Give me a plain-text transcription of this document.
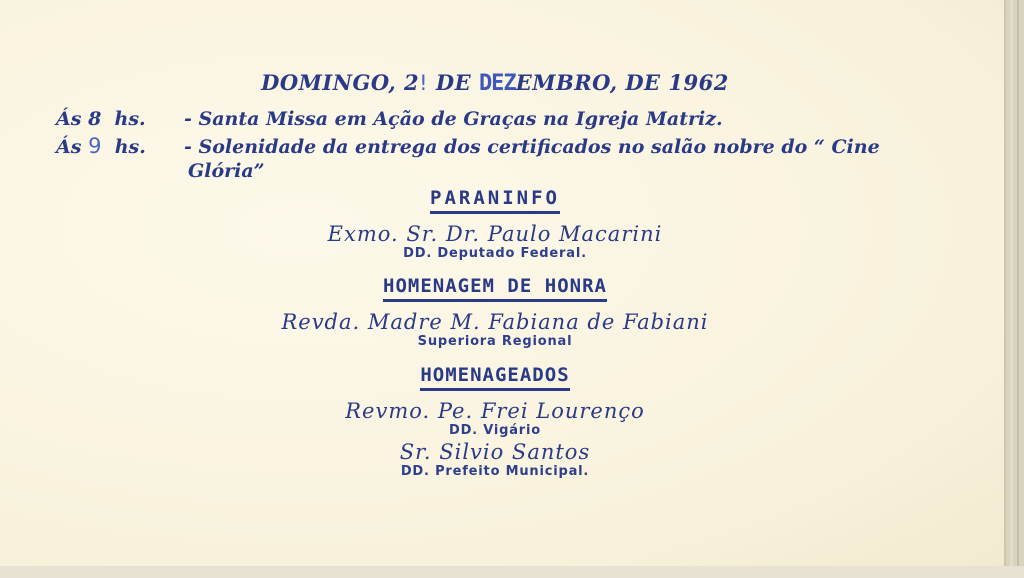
DOMINGO, 2! DE DEZEMBRO, DE 1962
Ás 8 hs. - Santa Missa em Ação de Graças na Igreja Matriz.
Ás 9 hs. - Solenidade da entrega dos certificados no salão nobre do “ Cine
Glória”
PARANINFO
Exmo. Sr. Dr. Paulo Macarini
DD. Deputado Federal.
HOMENAGEM DE HONRA
Revda. Madre M. Fabiana de Fabiani
Superiora Regional
HOMENAGEADOS
Revmo. Pe. Frei Lourenço
DD. Vigário
Sr. Silvio Santos
DD. Prefeito Municipal.
